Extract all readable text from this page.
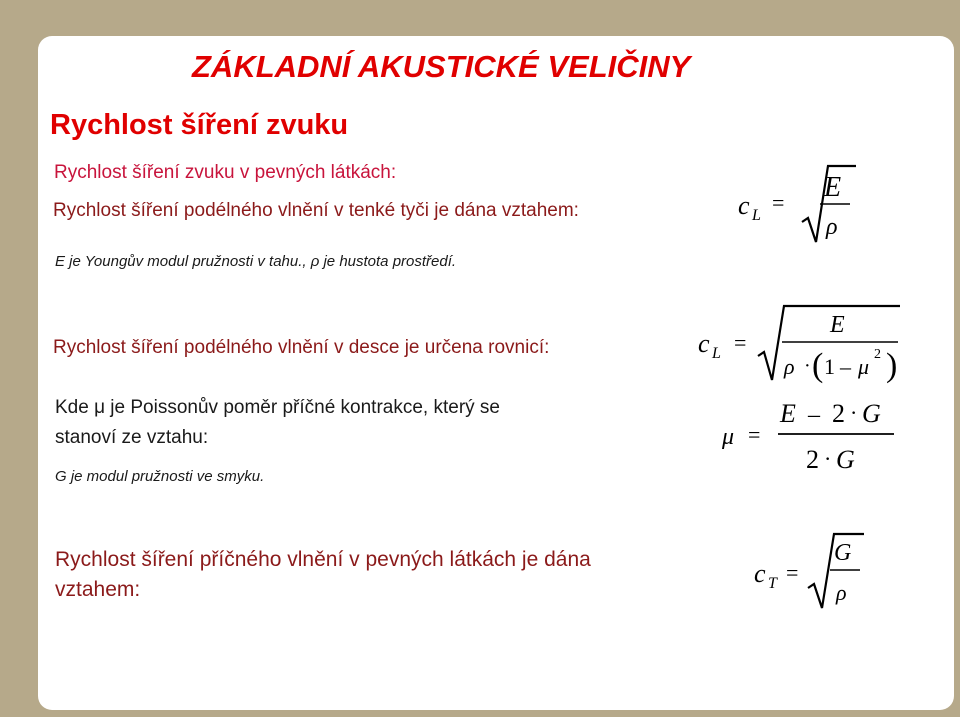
ZÁKLADNÍ AKUSTICKÉ VELIČINY
Rychlost šíření zvuku
Rychlost šíření zvuku v pevných látkách:
Rychlost šíření podélného vlnění v tenké tyči je dána vztahem:
E je Youngův modul pružnosti v tahu., ρ je hustota prostředí.
Rychlost šíření podélného vlnění v desce je určena rovnicí:
Kde μ je Poissonův poměr příčné kontrakce, který se
stanoví ze vztahu:
G je modul pružnosti ve smyku.
Rychlost šíření příčného vlnění v pevných látkách je dána
vztahem:
c L
= E
ρ
c L =
E
ρ · ( 1 – μ 2 )
μ =
E – 2 · G
2 · G
c T =
G
ρ
